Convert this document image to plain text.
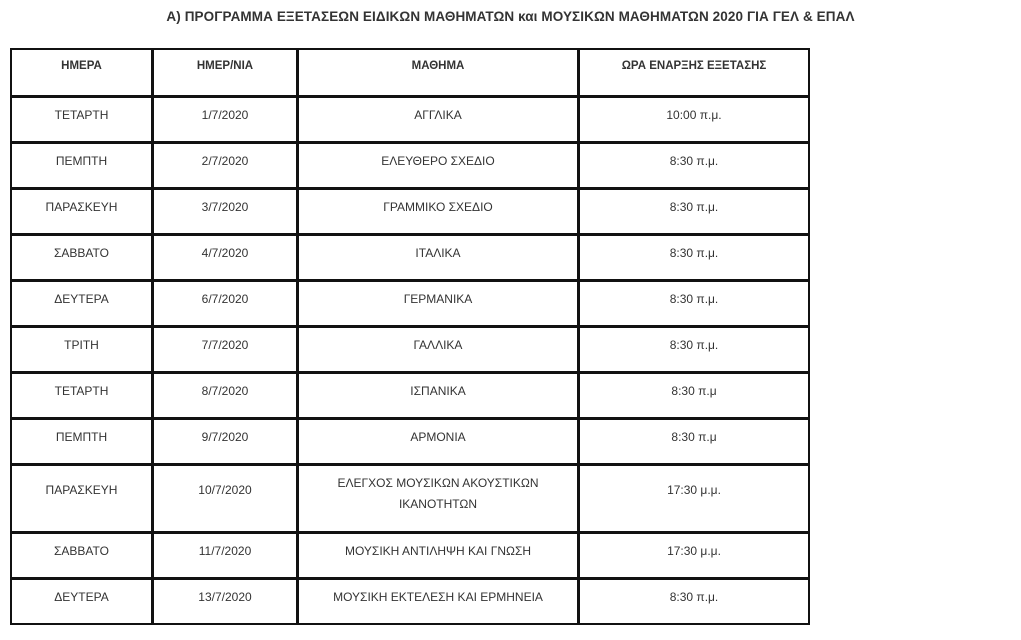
Α) ΠΡΟΓΡΑΜΜΑ ΕΞΕΤΑΣΕΩΝ ΕΙΔΙΚΩΝ ΜΑΘΗΜΑΤΩΝ και ΜΟΥΣΙΚΩΝ ΜΑΘΗΜΑΤΩΝ 2020 ΓΙΑ ΓΕΛ & ΕΠΑΛ
ΗΜΕΡΑ	ΗΜΕΡ/ΝΙΑ	ΜΑΘΗΜΑ	ΩΡΑ ΕΝΑΡΞΗΣ ΕΞΕΤΑΣΗΣ
ΤΕΤΑΡΤΗ	1/7/2020	ΑΓΓΛΙΚΑ	10:00 π.μ.
ΠΕΜΠΤΗ	2/7/2020	ΕΛΕΥΘΕΡΟ ΣΧΕΔΙΟ	8:30 π.μ.
ΠΑΡΑΣΚΕΥΗ	3/7/2020	ΓΡΑΜΜΙΚΟ ΣΧΕΔΙΟ	8:30 π.μ.
ΣΑΒΒΑΤΟ	4/7/2020	ΙΤΑΛΙΚΑ	8:30 π.μ.
ΔΕΥΤΕΡΑ	6/7/2020	ΓΕΡΜΑΝΙΚΑ	8:30 π.μ.
ΤΡΙΤΗ	7/7/2020	ΓΑΛΛΙΚΑ	8:30 π.μ.
ΤΕΤΑΡΤΗ	8/7/2020	ΙΣΠΑΝΙΚΑ	8:30 π.μ
ΠΕΜΠΤΗ	9/7/2020	ΑΡΜΟΝΙΑ	8:30 π.μ
ΠΑΡΑΣΚΕΥΗ	10/7/2020	ΕΛΕΓΧΟΣ ΜΟΥΣΙΚΩΝ ΑΚΟΥΣΤΙΚΩΝ ΙΚΑΝΟΤΗΤΩΝ	17:30 μ.μ.
ΣΑΒΒΑΤΟ	11/7/2020	ΜΟΥΣΙΚΗ ΑΝΤΙΛΗΨΗ ΚΑΙ ΓΝΩΣΗ	17:30 μ.μ.
ΔΕΥΤΕΡΑ	13/7/2020	ΜΟΥΣΙΚΗ ΕΚΤΕΛΕΣΗ ΚΑΙ ΕΡΜΗΝΕΙΑ	8:30 π.μ.
